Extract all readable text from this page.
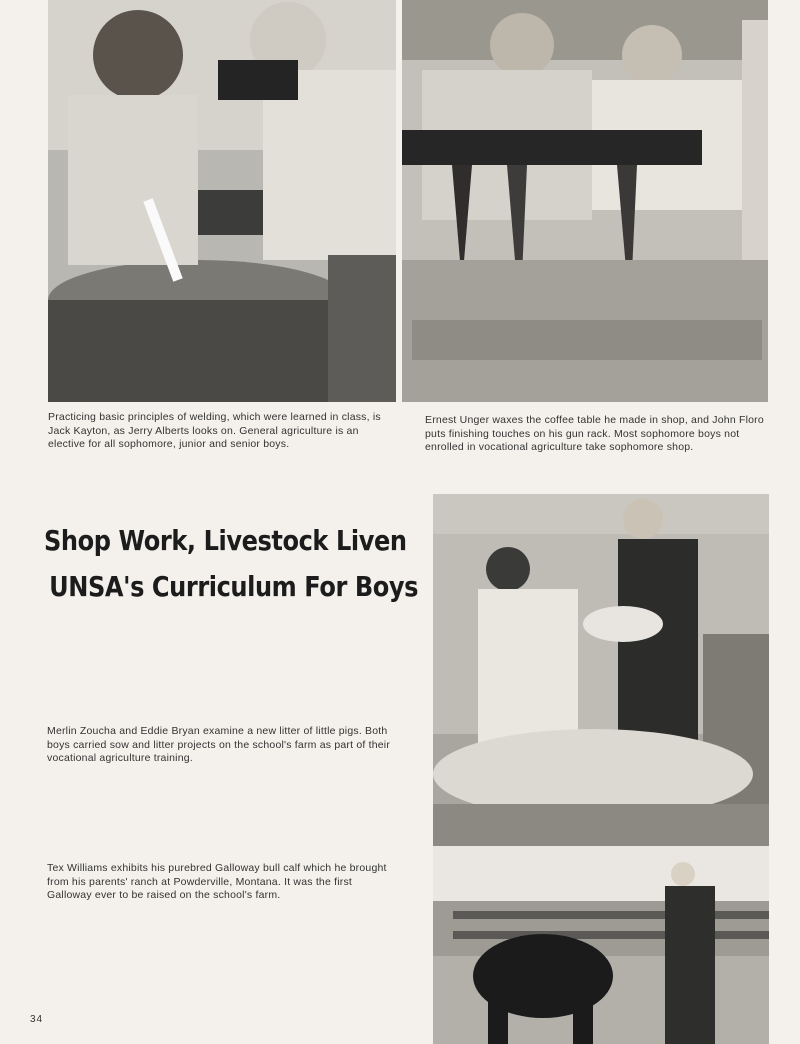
Practicing basic principles of welding, which were learned in class, is Jack Kayton, as Jerry Alberts looks on. General agriculture is an elective for all sophomore, junior and senior boys.

Ernest Unger waxes the coffee table he made in shop, and John Floro puts finishing touches on his gun rack. Most sophomore boys not enrolled in vocational agriculture take sophomore shop.

Shop Work, Livestock Liven
UNSA's Curriculum For Boys

Merlin Zoucha and Eddie Bryan examine a new litter of little pigs. Both boys carried sow and litter projects on the school's farm as part of their vocational agriculture training.

Tex Williams exhibits his purebred Galloway bull calf which he brought from his parents' ranch at Powderville, Montana. It was the first Galloway ever to be raised on the school's farm.

34
